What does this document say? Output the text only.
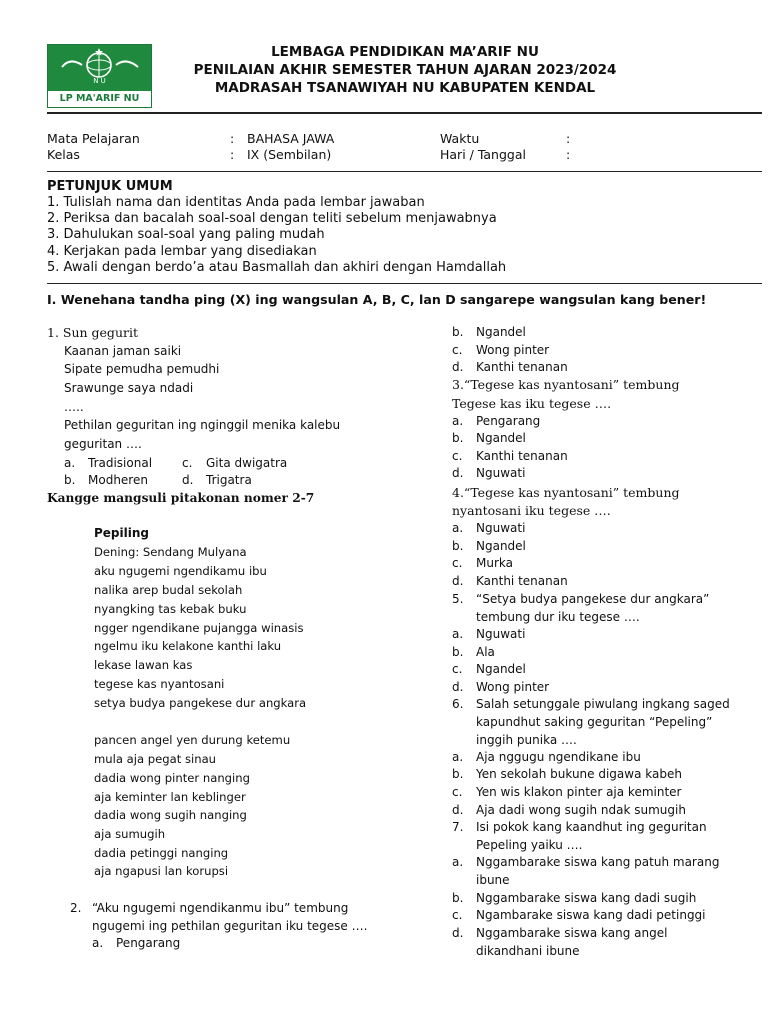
N U
LP MA'ARIF NU
LEMBAGA PENDIDIKAN MA’ARIF NU
PENILAIAN AKHIR SEMESTER TAHUN AJARAN 2023/2024
MADRASAH TSANAWIYAH NU KABUPATEN KENDAL
Mata Pelajaran	: BAHASA JAWA	Waktu	:
Kelas	: IX (Sembilan)	Hari / Tanggal	:
PETUNJUK UMUM
1. Tulislah nama dan identitas Anda pada lembar jawaban
2. Periksa dan bacalah soal-soal dengan teliti sebelum menjawabnya
3. Dahulukan soal-soal yang paling mudah
4. Kerjakan pada lembar yang disediakan
5. Awali dengan berdo’a atau Basmallah dan akhiri dengan Hamdallah
I. Wenehana tandha ping (X) ing wangsulan A, B, C, lan D sangarepe wangsulan kang bener!
1. Sun gegurit
Kaanan jaman saiki
Sipate pemudha pemudhi
Srawunge saya ndadi
…..
Pethilan geguritan ing nginggil menika kalebu
geguritan ….
a. Tradisional c. Gita dwigatra
b. Modheren	d. Trigatra
Kangge mangsuli pitakonan nomer 2-7
Pepiling
Dening: Sendang Mulyana
aku ngugemi ngendikamu ibu
nalika arep budal sekolah
nyangking tas kebak buku
ngger ngendikane pujangga winasis
ngelmu iku kelakone kanthi laku
lekase lawan kas
tegese kas nyantosani
setya budya pangekese dur angkara
pancen angel yen durung ketemu
mula aja pegat sinau
dadia wong pinter nanging
aja keminter lan keblinger
dadia wong sugih nanging
aja sumugih
dadia petinggi nanging
aja ngapusi lan korupsi
2. “Aku ngugemi ngendikanmu ibu” tembung
ngugemi ing pethilan geguritan iku tegese ….
a. Pengarang
b. Ngandel
c. Wong pinter
d. Kanthi tenanan
3.“Tegese kas nyantosani” tembung
Tegese kas iku tegese ….
a. Pengarang
b. Ngandel
c. Kanthi tenanan
d. Nguwati
4.“Tegese kas nyantosani” tembung
nyantosani iku tegese ….
a. Nguwati
b. Ngandel
c. Murka
d. Kanthi tenanan
5. “Setya budya pangekese dur angkara”
tembung dur iku tegese ….
a. Nguwati
b. Ala
c. Ngandel
d. Wong pinter
6. Salah setunggale piwulang ingkang saged
kapundhut saking geguritan “Pepeling”
inggih punika ….
a. Aja nggugu ngendikane ibu
b. Yen sekolah bukune digawa kabeh
c. Yen wis klakon pinter aja keminter
d. Aja dadi wong sugih ndak sumugih
7. Isi pokok kang kaandhut ing geguritan
Pepeling yaiku ….
a. Nggambarake siswa kang patuh marang
ibune
b. Nggambarake siswa kang dadi sugih
c. Ngambarake siswa kang dadi petinggi
d. Nggambarake siswa kang angel
dikandhani ibune
